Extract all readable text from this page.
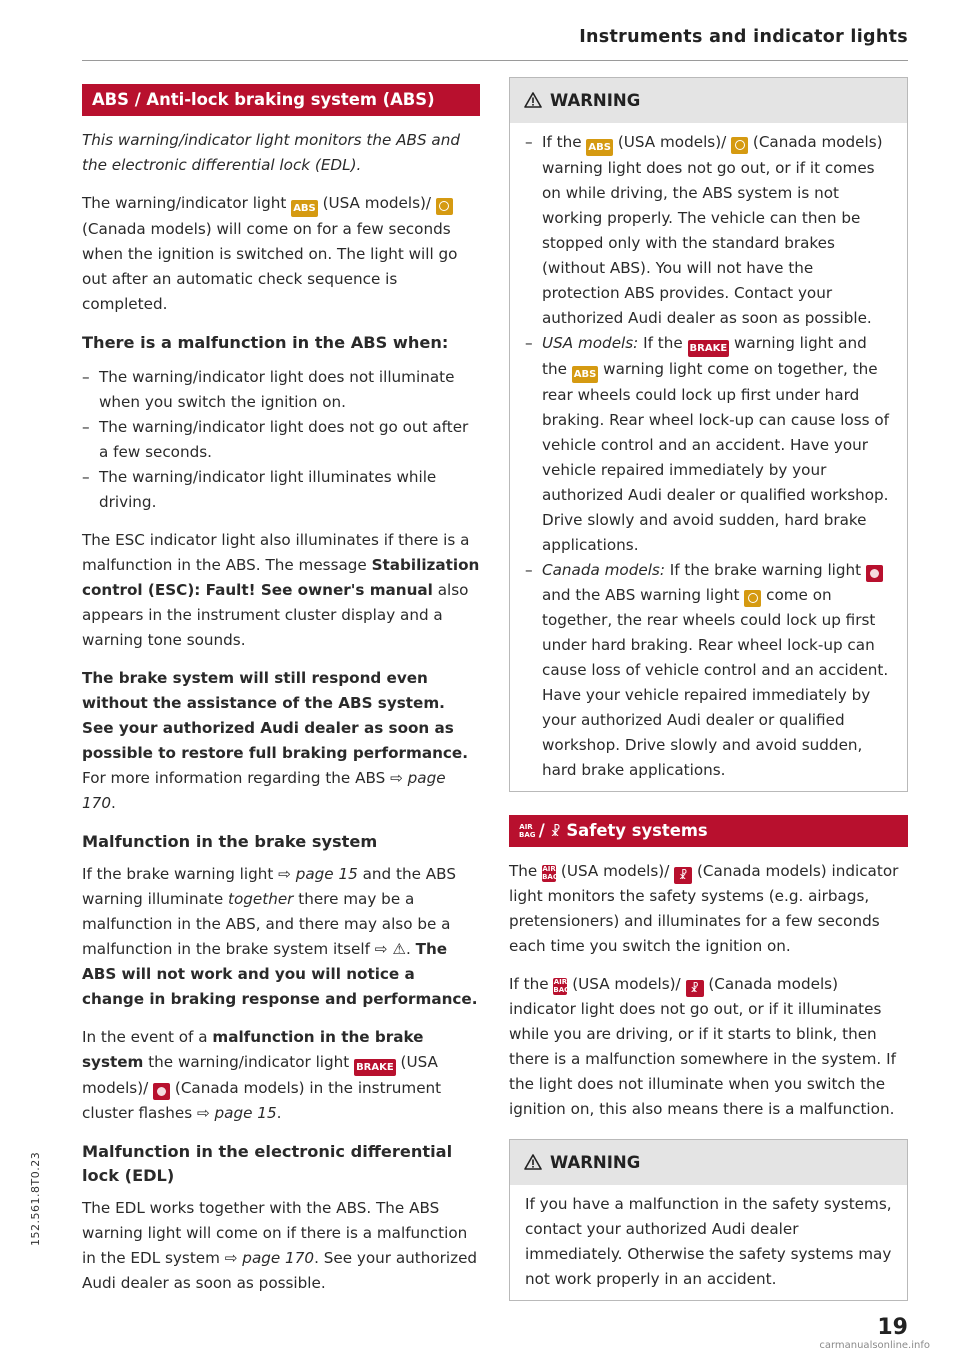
Instruments and indicator lights
ABS / Anti-lock braking system (ABS)

This warning/indicator light monitors the ABS and the electronic differential lock (EDL).

The warning/indicator light ABS (USA models)/  (Canada models) will come on for a few seconds when the ignition is switched on. The light will go out after an automatic check sequence is completed.

There is a malfunction in the ABS when:
– The warning/indicator light does not illuminate when you switch the ignition on.
– The warning/indicator light does not go out after a few seconds.
– The warning/indicator light illuminates while driving.

The ESC indicator light also illuminates if there is a malfunction in the ABS. The message Stabilization control (ESC): Fault! See owner's manual also appears in the instrument cluster display and a warning tone sounds.

The brake system will still respond even without the assistance of the ABS system. See your authorized Audi dealer as soon as possible to restore full braking performance. For more information regarding the ABS ⇨ page 170.

Malfunction in the brake system

If the brake warning light ⇨ page 15 and the ABS warning illuminate together there may be a malfunction in the ABS, and there may also be a malfunction in the brake system itself ⇨ ⚠. The ABS will not work and you will notice a change in braking response and performance.

In the event of a malfunction in the brake system the warning/indicator light BRAKE (USA models)/ (Canada models) in the instrument cluster flashes ⇨ page 15.

Malfunction in the electronic differential lock (EDL)

The EDL works together with the ABS. The ABS warning light will come on if there is a malfunction in the EDL system ⇨ page 170. See your authorized Audi dealer as soon as possible.

WARNING
– If the ABS (USA models)/ (Canada models) warning light does not go out, or if it comes on while driving, the ABS system is not working properly. The vehicle can then be stopped only with the standard brakes (without ABS). You will not have the protection ABS provides. Contact your authorized Audi dealer as soon as possible.
– USA models: If the BRAKE warning light and the ABS warning light come on together, the rear wheels could lock up first under hard braking. Rear wheel lock-up can cause loss of vehicle control and an accident. Have your vehicle repaired immediately by your authorized Audi dealer or qualified workshop. Drive slowly and avoid sudden, hard brake applications.
– Canada models: If the brake warning light  and the ABS warning light come on together, the rear wheels could lock up first under hard braking. Rear wheel lock-up can cause loss of vehicle control and an accident. Have your vehicle repaired immediately by your authorized Audi dealer or qualified workshop. Drive slowly and avoid sudden, hard brake applications.
AIR BAG / ☧ Safety systems

The AIR BAG (USA models)/ ☧ (Canada models) indicator light monitors the safety systems (e.g. airbags, pretensioners) and illuminates for a few seconds each time you switch the ignition on.

If the AIR BAG (USA models)/ ☧ (Canada models) indicator light does not go out, or if it illuminates while you are driving, or if it starts to blink, then there is a malfunction somewhere in the system. If the light does not illuminate when you switch the ignition on, this also means there is a malfunction.

WARNING

If you have a malfunction in the safety systems, contact your authorized Audi dealer immediately. Otherwise the safety systems may not work properly in an accident.

19
152.561.8T0.23
carmanualsonline.info
